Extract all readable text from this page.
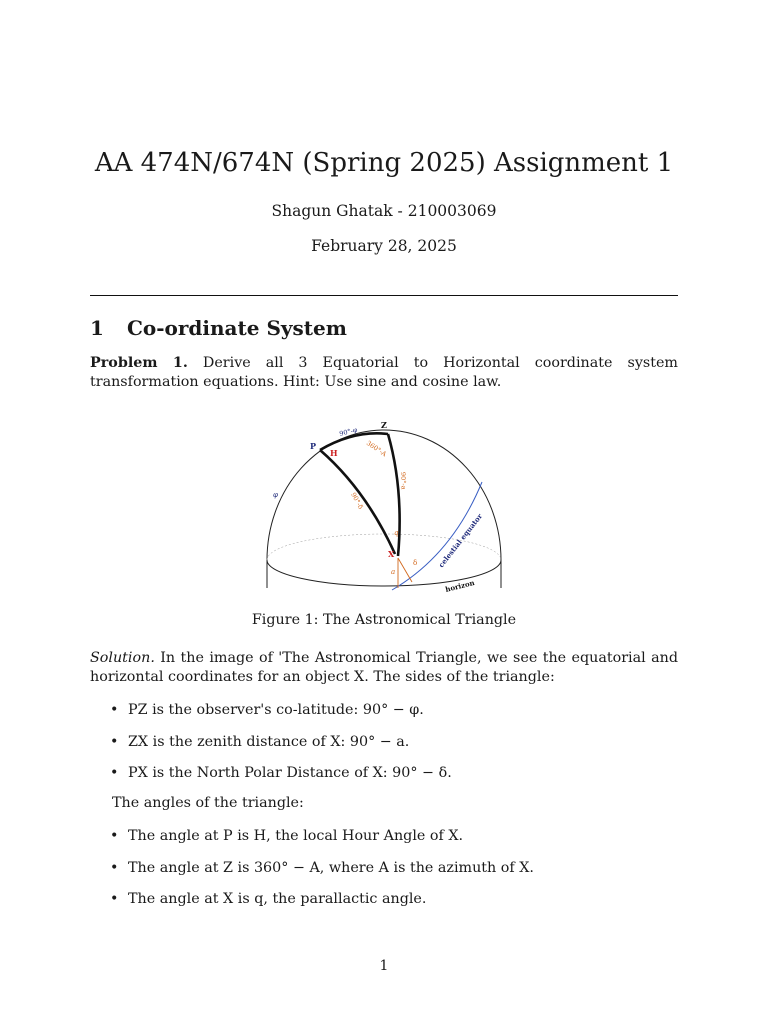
AA 474N/674N (Spring 2025) Assignment 1
Shagun Ghatak - 210003069
February 28, 2025
1 Co-ordinate System
Problem 1. Derive all 3 Equatorial to Horizontal coordinate system transformation equations. Hint: Use sine and cosine law.
Z
P
H
X
q
a
δ
φ
90°-φ
360°-A
90°-a
90°-δ
celestial equator
horizon
Figure 1: The Astronomical Triangle
Solution. In the image of 'The Astronomical Triangle, we see the equatorial and horizontal coordinates for an object X. The sides of the triangle:
• PZ is the observer's co-latitude: 90° − φ.
• ZX is the zenith distance of X: 90° − a.
• PX is the North Polar Distance of X: 90° − δ.
The angles of the triangle:
• The angle at P is H, the local Hour Angle of X.
• The angle at Z is 360° − A, where A is the azimuth of X.
• The angle at X is q, the parallactic angle.
1
